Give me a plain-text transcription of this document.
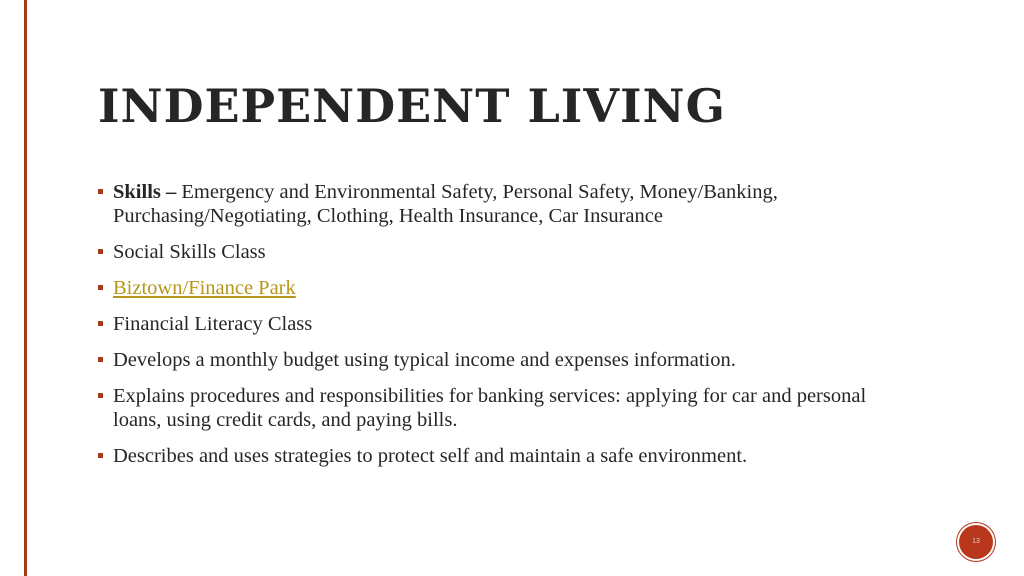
INDEPENDENT LIVING
Skills – Emergency and Environmental Safety, Personal Safety, Money/Banking, Purchasing/Negotiating, Clothing, Health Insurance, Car Insurance
Social Skills Class
Biztown/Finance Park
Financial Literacy Class
Develops a monthly budget using typical income and expenses information.
Explains procedures and responsibilities for banking services: applying for car and personal loans, using credit cards, and paying bills.
Describes and uses strategies to protect self and maintain a safe environment.
13
